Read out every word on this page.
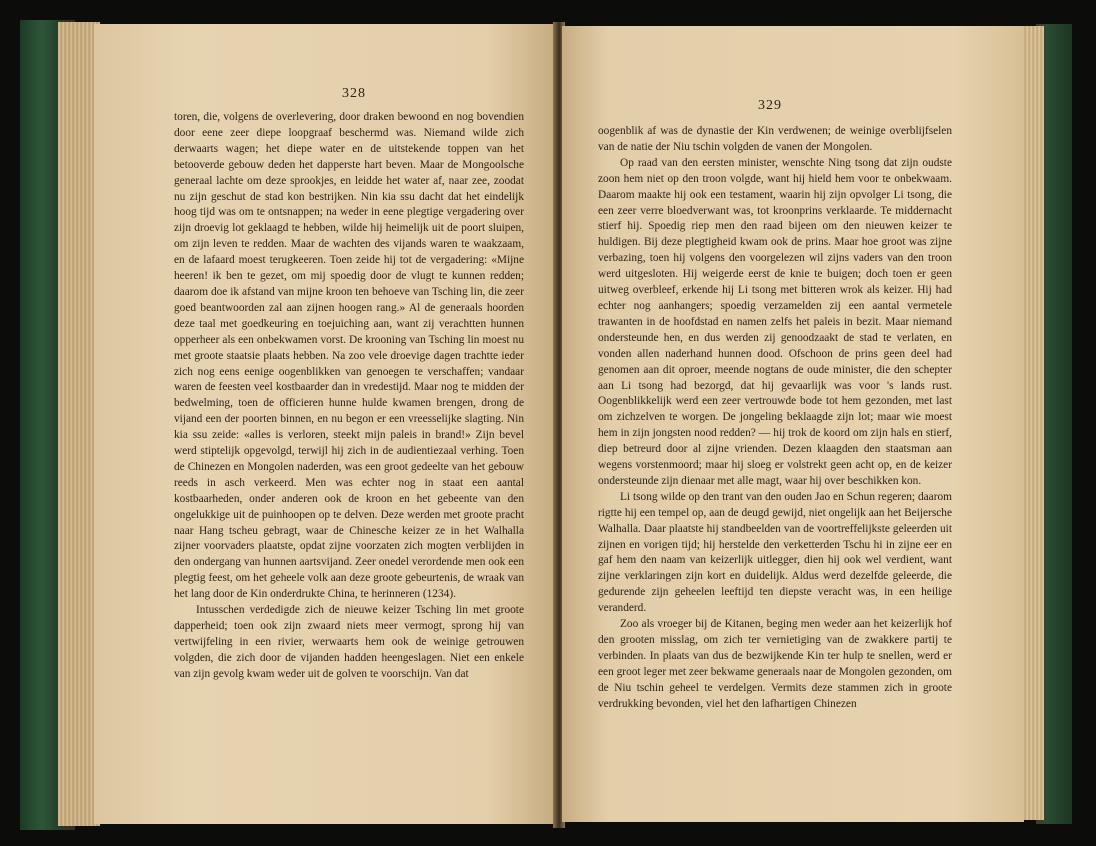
328

toren, die, volgens de overlevering, door draken bewoond en nog bovendien door eene zeer diepe loopgraaf beschermd was. Niemand wilde zich derwaarts wagen; het diepe water en de uitstekende toppen van het betooverde gebouw deden het dapperste hart beven. Maar de Mongoolsche generaal lachte om deze sprookjes, en leidde het water af, naar zee, zoodat nu zijn geschut de stad kon bestrijken. Nin kia ssu dacht dat het eindelijk hoog tijd was om te ontsnappen; na weder in eene plegtige vergadering over zijn droevig lot geklaagd te hebben, wilde hij heimelijk uit de poort sluipen, om zijn leven te redden. Maar de wachten des vijands waren te waakzaam, en de lafaard moest terugkeeren. Toen zeide hij tot de vergadering: «Mijne heeren! ik ben te gezet, om mij spoedig door de vlugt te kunnen redden; daarom doe ik afstand van mijne kroon ten behoeve van Tsching lin, die zeer goed beantwoorden zal aan zijnen hoogen rang.» Al de generaals hoorden deze taal met goedkeuring en toejuiching aan, want zij verachtten hunnen opperheer als een onbekwamen vorst. De krooning van Tsching lin moest nu met groote staatsie plaats hebben. Na zoo vele droevige dagen trachtte ieder zich nog eens eenige oogenblikken van genoegen te verschaffen; vandaar waren de feesten veel kostbaarder dan in vredestijd. Maar nog te midden der bedwelming, toen de officieren hunne hulde kwamen brengen, drong de vijand een der poorten binnen, en nu begon er een vreesselijke slagting. Nin kia ssu zeide: «alles is verloren, steekt mijn paleis in brand!» Zijn bevel werd stiptelijk opgevolgd, terwijl hij zich in de audientiezaal verhing. Toen de Chinezen en Mongolen naderden, was een groot gedeelte van het gebouw reeds in asch verkeerd. Men was echter nog in staat een aantal kostbaarheden, onder anderen ook de kroon en het gebeente van den ongelukkige uit de puinhoopen op te delven. Deze werden met groote pracht naar Hang tscheu gebragt, waar de Chinesche keizer ze in het Walhalla zijner voorvaders plaatste, opdat zijne voorzaten zich mogten verblijden in den ondergang van hunnen aartsvijand. Zeer onedel verordende men ook een plegtig feest, om het geheele volk aan deze groote gebeurtenis, de wraak van het lang door de Kin onderdrukte China, te herinneren (1234).

Intusschen verdedigde zich de nieuwe keizer Tsching lin met groote dapperheid; toen ook zijn zwaard niets meer vermogt, sprong hij van vertwijfeling in een rivier, werwaarts hem ook de weinige getrouwen volgden, die zich door de vijanden hadden heengeslagen. Niet een enkele van zijn gevolg kwam weder uit de golven te voorschijn. Van dat

329

oogenblik af was de dynastie der Kin verdwenen; de weinige overblijfselen van de natie der Niu tschin volgden de vanen der Mongolen.

Op raad van den eersten minister, wenschte Ning tsong dat zijn oudste zoon hem niet op den troon volgde, want hij hield hem voor te onbekwaam. Daarom maakte hij ook een testament, waarin hij zijn opvolger Li tsong, die een zeer verre bloedverwant was, tot kroonprins verklaarde. Te middernacht stierf hij. Spoedig riep men den raad bijeen om den nieuwen keizer te huldigen. Bij deze plegtigheid kwam ook de prins. Maar hoe groot was zijne verbazing, toen hij volgens den voorgelezen wil zijns vaders van den troon werd uitgesloten. Hij weigerde eerst de knie te buigen; doch toen er geen uitweg overbleef, erkende hij Li tsong met bitteren wrok als keizer. Hij had echter nog aanhangers; spoedig verzamelden zij een aantal vermetele trawanten in de hoofdstad en namen zelfs het paleis in bezit. Maar niemand ondersteunde hen, en dus werden zij genoodzaakt de stad te verlaten, en vonden allen naderhand hunnen dood. Ofschoon de prins geen deel had genomen aan dit oproer, meende nogtans de oude minister, die den schepter aan Li tsong had bezorgd, dat hij gevaarlijk was voor 's lands rust. Oogenblikkelijk werd een zeer vertrouwde bode tot hem gezonden, met last om zichzelven te worgen. De jongeling beklaagde zijn lot; maar wie moest hem in zijn jongsten nood redden? — hij trok de koord om zijn hals en stierf, diep betreurd door al zijne vrienden. Dezen klaagden den staatsman aan wegens vorstenmoord; maar hij sloeg er volstrekt geen acht op, en de keizer ondersteunde zijn dienaar met alle magt, waar hij over beschikken kon.

Li tsong wilde op den trant van den ouden Jao en Schun regeren; daarom rigtte hij een tempel op, aan de deugd gewijd, niet ongelijk aan het Beijersche Walhalla. Daar plaatste hij standbeelden van de voortreffelijkste geleerden uit zijnen en vorigen tijd; hij herstelde den verketterden Tschu hi in zijne eer en gaf hem den naam van keizerlijk uitlegger, dien hij ook wel verdient, want zijne verklaringen zijn kort en duidelijk. Aldus werd dezelfde geleerde, die gedurende zijn geheelen leeftijd ten diepste veracht was, in een heilige veranderd.

Zoo als vroeger bij de Kitanen, beging men weder aan het keizerlijk hof den grooten misslag, om zich ter vernietiging van de zwakkere partij te verbinden. In plaats van dus de bezwijkende Kin ter hulp te snellen, werd er een groot leger met zeer bekwame generaals naar de Mongolen gezonden, om de Niu tschin geheel te verdelgen. Vermits deze stammen zich in groote verdrukking bevonden, viel het den lafhartigen Chinezen
